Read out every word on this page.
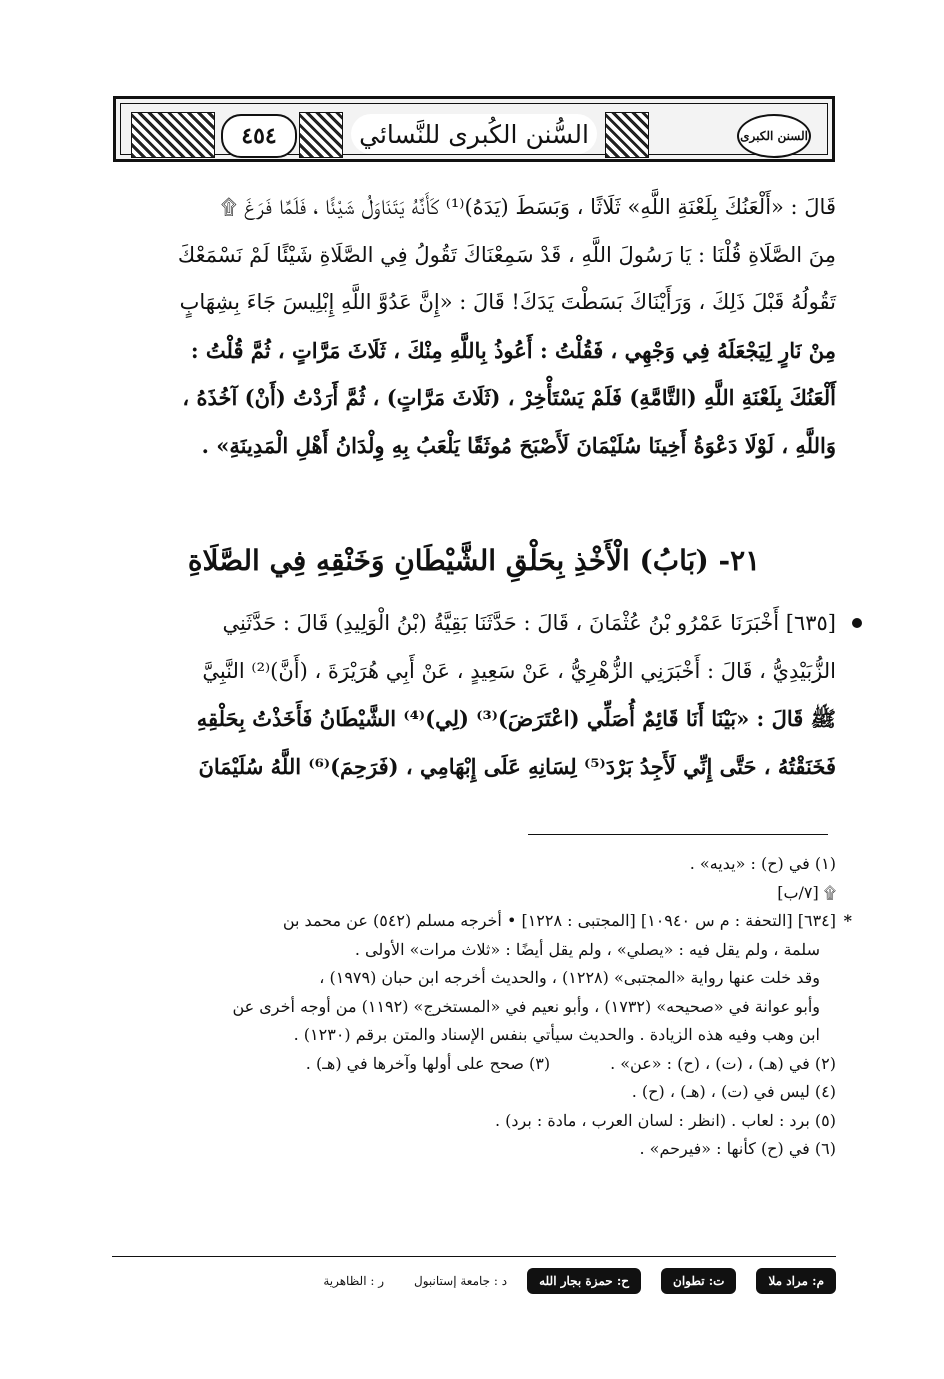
٤٥٤	السُّنن الكُبرى للنَّسائي	السنن الكبرى

قَالَ : «أَلْعَنُكَ بِلَعْنَةِ اللَّهِ» ثَلَاثًا ، وَبَسَطَ (يَدَهُ)⁽¹⁾ كَأَنَّهُ يَتَنَاوَلُ شَيْئًا ، فَلَمَّا فَرَغَ ۩

مِنَ الصَّلَاةِ قُلْنَا : يَا رَسُولَ اللَّهِ ، قَدْ سَمِعْنَاكَ تَقُولُ فِي الصَّلَاةِ شَيْئًا لَمْ نَسْمَعْكَ

تَقُولُهُ قَبْلَ ذَلِكَ ، وَرَأَيْنَاكَ بَسَطْتَ يَدَكَ! قَالَ : «إِنَّ عَدُوَّ اللَّهِ إِبْلِيسَ جَاءَ بِشِهَابٍ

مِنْ نَارٍ لِيَجْعَلَهُ فِي وَجْهِي ، فَقُلْتُ : أَعُوذُ بِاللَّهِ مِنْكَ ، ثَلَاثَ مَرَّاتٍ ، ثُمَّ قُلْتُ :

أَلْعَنُكَ بِلَعْنَةِ اللَّهِ (التَّامَّةِ) فَلَمْ يَسْتَأْخِرْ ، (ثَلَاثَ مَرَّاتٍ) ، ثُمَّ أَرَدْتُ (أَنْ) آخُذَهُ ،

وَاللَّهِ ، لَوْلَا دَعْوَةُ أَخِينَا سُلَيْمَانَ لَأَصْبَحَ مُوثَقًا يَلْعَبُ بِهِ وِلْدَانُ أَهْلِ الْمَدِينَةِ» .

٢١- (بَابُ) الْأَخْذِ بِحَلْقِ الشَّيْطَانِ وَخَنْقِهِ فِي الصَّلَاةِ

[٦٣٥] أَخْبَرَنَا عَمْرُو بْنُ عُثْمَانَ ، قَالَ : حَدَّثَنَا بَقِيَّةُ (بْنُ الْوَلِيدِ) قَالَ : حَدَّثَنِي

الزُّبَيْدِيُّ ، قَالَ : أَخْبَرَنِي الزُّهْرِيُّ ، عَنْ سَعِيدٍ ، عَنْ أَبِي هُرَيْرَةَ ، (أَنَّ)⁽²⁾ النَّبِيَّ

ﷺ قَالَ : «بَيْنَا أَنَا قَائِمٌ أُصَلِّي (اعْتَرَضَ)⁽³⁾ (لِي)⁽⁴⁾ الشَّيْطَانُ فَأَخَذْتُ بِحَلْقِهِ

فَخَنَقْتُهُ ، حَتَّى إِنِّي لَأَجِدُ بَرْدَ⁽⁵⁾ لِسَانِهِ عَلَى إِبْهَامِي ، (فَرَحِمَ)⁽⁶⁾ اللَّهُ سُلَيْمَانَ

(١) في (ح) : «يديه» .

۩ [٧/ب]

*
[٦٣٤] [التحفة : م س ١٠٩٤٠] [المجتبى : ١٢٢٨] • أخرجه مسلم (٥٤٢) عن محمد بن

سلمة ، ولم يقل فيه : «يصلي» ، ولم يقل أيضًا : «ثلاث مرات» الأولى .

وقد خلت عنها رواية «المجتبى» (١٢٢٨) ، والحديث أخرجه ابن حبان (١٩٧٩) ،

وأبو عوانة في «صحيحه» (١٧٣٢) ، وأبو نعيم في «المستخرج» (١١٩٢) من أوجه أخرى عن

ابن وهب وفيه هذه الزيادة . والحديث سيأتي بنفس الإسناد والمتن برقم (١٢٣٠) .

(٢) في (هـ) ، (ت) ، (ح) : «عن» .
(٣) صحح على أولها وآخرها في (هـ) .

(٤) ليس في (ت) ، (هـ) ، (ح) .

(٥) برد : لعاب . (انظر : لسان العرب ، مادة : برد) .

(٦) في (ح) كأنها : «فيرحم» .

م: مراد ملا
ت: تطوان
ح: حمزة بجار الله
د : جامعة إستانبول
ر : الظاهرية
